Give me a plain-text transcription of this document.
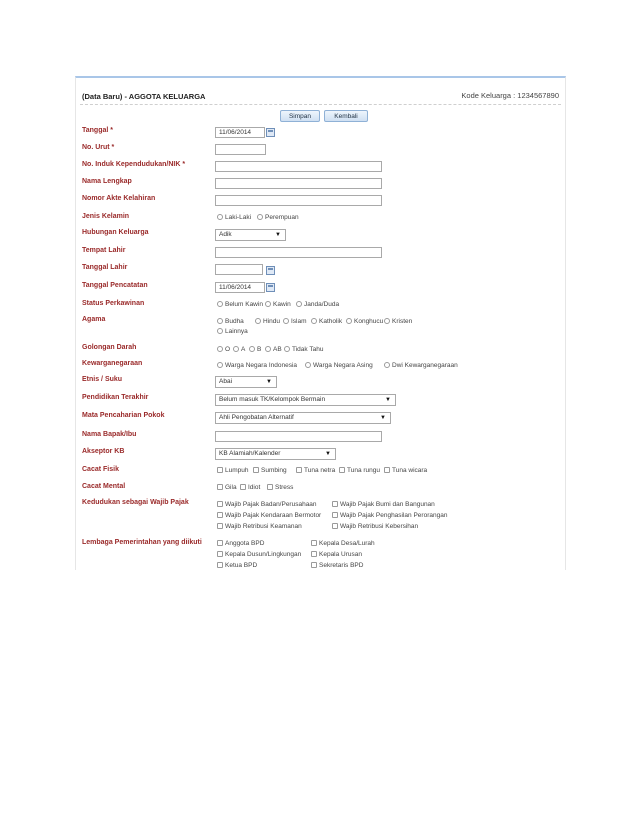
(Data Baru) - AGGOTA KELUARGA	Kode Keluarga : 1234567890
Simpan	Kembali
Tanggal *	11/06/2014
No. Urut *
No. Induk Kependudukan/NIK *
Nama Lengkap
Nomor Akte Kelahiran
Jenis Kelamin	Laki-Laki	Perempuan
Hubungan Keluarga	Adik	▼
Tempat Lahir
Tanggal Lahir
Tanggal Pencatatan	11/06/2014
Status Perkawinan	Belum Kawin	Kawin	Janda/Duda
Agama	Budha	Hindu	Islam	Katholik	Konghucu	Kristen
Lainnya
Golongan Darah	O	A	B	AB	Tidak Tahu
Kewarganegaraan	Warga Negara Indonesia	Warga Negara Asing	Dwi Kewarganegaraan
Etnis / Suku	Abai	▼
Pendidikan Terakhir	Belum masuk TK/Kelompok Bermain	▼
Mata Pencaharian Pokok	Ahli Pengobatan Alternatif	▼
Nama Bapak/Ibu
Akseptor KB	KB Alamiah/Kalender	▼
Cacat Fisik	Lumpuh	Sumbing	Tuna netra	Tuna rungu	Tuna wicara
Cacat Mental	Gila	Idiot	Stress
Kedudukan sebagai Wajib Pajak	Wajib Pajak Badan/Perusahaan	Wajib Pajak Bumi dan Bangunan
Wajib Pajak Kendaraan Bermotor	Wajib Pajak Penghasilan Perorangan
Wajib Retribusi Keamanan	Wajib Retribusi Kebersihan
Lembaga Pemerintahan yang diikuti	Anggota BPD	Kepala Desa/Lurah
Kepala Dusun/Lingkungan	Kepala Urusan
Ketua BPD	Sekretaris BPD
